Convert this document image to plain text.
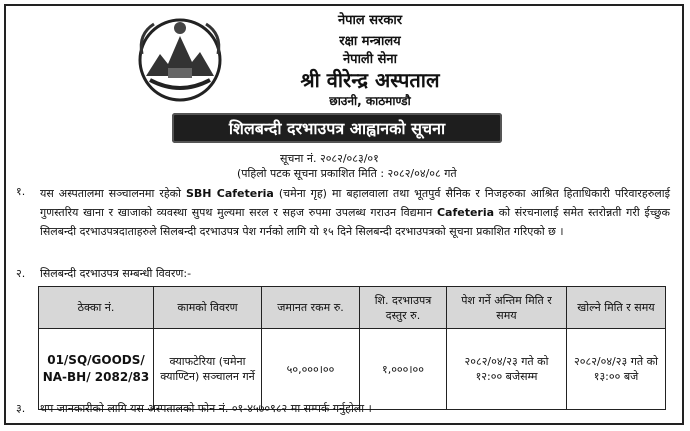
नेपाल सरकार
रक्षा मन्त्रालय
नेपाली सेना
श्री वीरेन्द्र अस्पताल
छाउनी, काठमाण्डौ
शिलबन्दी दरभाउपत्र आह्वानको सूचना
सूचना नं. २०८२/०८३/०१
(पहिलो पटक सूचना प्रकाशित मिति : २०८२/०४/०८ गते
१. यस अस्पतालमा सञ्चालनमा रहेको SBH Cafeteria (चमेना गृह) मा बहालवाला तथा भूतपुर्व सैनिक र निजहरुका आश्रित हिताधिकारी परिवारहरुलाई गुणस्तरिय खाना र खाजाको व्यवस्था सुपथ मुल्यमा सरल र सहज रुपमा उपलब्ध गराउन विद्यमान Cafeteria को संरचनालाई समेत स्तरोन्नती गरी ईच्छुक सिलबन्दी दरभाउपत्रदाताहरुले सिलबन्दी दरभाउपत्र पेश गर्नको लागि यो १५ दिने सिलबन्दी दरभाउपत्रको सूचना प्रकाशित गरिएको छ ।
२. सिलबन्दी दरभाउपत्र सम्बन्धी विवरण:-
ठेक्का नं.	कामको विवरण	जमानत रकम रु.	शि. दरभाउपत्र दस्तुर रु.	पेश गर्ने अन्तिम मिति र समय	खोल्ने मिति र समय
01/SQ/GOODS/ NA-BH/ 2082/83	क्याफटेरिया (चमेना क्याण्टिन) सञ्चालन गर्ने	५०,०००।००	१,०००।००	२०८२/०४/२३ गते को १२:०० बजेसम्म	२०८२/०४/२३ गते को १३:०० बजे
३. थप जानकारीको लागि यस अस्पतालको फोन नं. ०१-४५७०९८२ मा सम्पर्क गर्नुहोला ।
